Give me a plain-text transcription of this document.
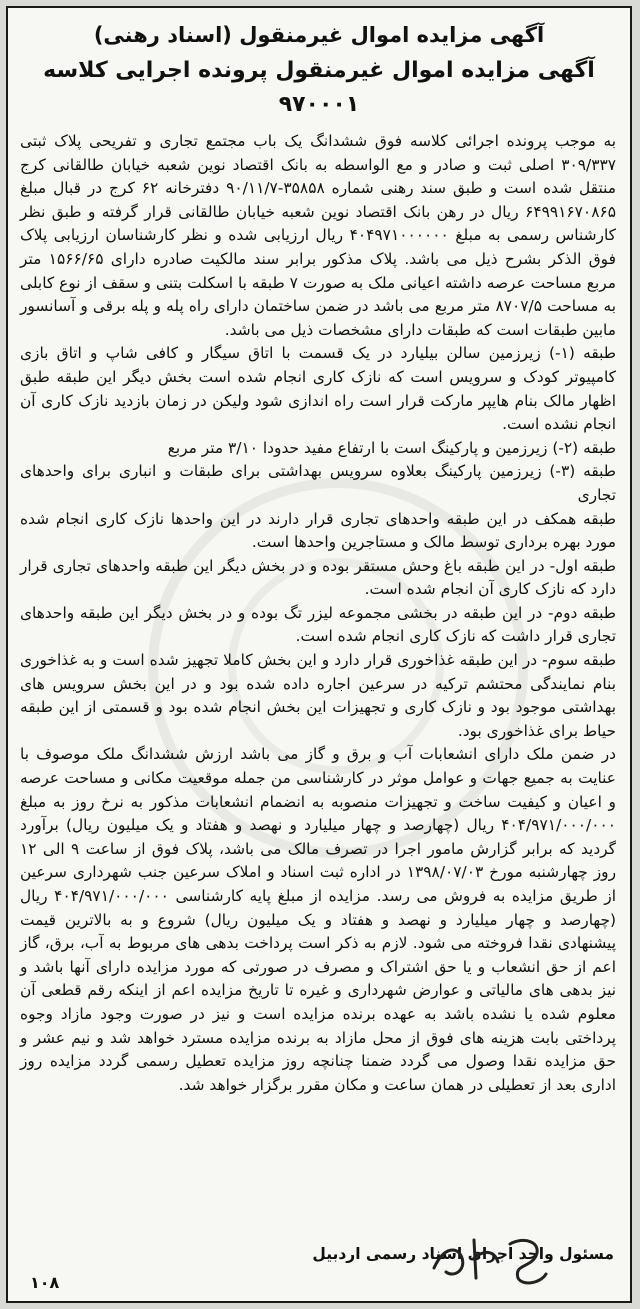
آگهی مزایده اموال غیرمنقول (اسناد رهنی)
آگهی مزایده اموال غیرمنقول پرونده اجرایی کلاسه ۹۷۰۰۰۱

به موجب پرونده اجرائی کلاسه فوق ششدانگ یک باب مجتمع تجاری و تفریحی پلاک ثبتی ۳۰۹/۳۳۷ اصلی ثبت و صادر و مع الواسطه به بانک اقتصاد نوین شعبه خیابان طالقانی کرج منتقل شده است و طبق سند رهنی شماره ۳۵۸۵۸-۹۰/۱۱/۷ دفترخانه ۶۲ کرج در قبال مبلغ ۶۴۹۹۱۶۷۰۸۶۵ ریال در رهن بانک اقتصاد نوین شعبه خیابان طالقانی قرار گرفته و طبق نظر کارشناس رسمی به مبلغ ۴۰۴۹۷۱۰۰۰۰۰۰ ریال ارزیابی شده و نظر کارشناسان ارزیابی پلاک فوق الذکر بشرح ذیل می باشد. پلاک مذکور برابر سند مالکیت صادره دارای ۱۵۶۶/۶۵ متر مربع مساحت عرصه داشته اعیانی ملک به صورت ۷ طبقه با اسکلت بتنی و سقف از نوع کابلی به مساحت ۸۷۰۷/۵ متر مربع می باشد در ضمن ساختمان دارای راه پله و پله برقی و آسانسور مابین طبقات است که طبقات دارای مشخصات ذیل می باشد.

طبقه (۱-) زیرزمین سالن بیلیارد در یک قسمت با اتاق سیگار و کافی شاپ و اتاق بازی کامپیوتر کودک و سرویس است که نازک کاری انجام شده است بخش دیگر این طبقه طبق اظهار مالک بنام هایپر مارکت قرار است راه اندازی شود ولیکن در زمان بازدید نازک کاری آن انجام نشده است.

طبقه (۲-) زیرزمین و پارکینگ است با ارتفاع مفید حدودا ۳/۱۰ متر مربع

طبقه (۳-) زیرزمین پارکینگ بعلاوه سرویس بهداشتی برای طبقات و انباری برای واحدهای تجاری

طبقه همکف در این طبقه واحدهای تجاری قرار دارند در این واحدها نازک کاری انجام شده مورد بهره برداری توسط مالک و مستاجرین واحدها است.

طبقه اول- در این طبقه باغ وحش مستقر بوده و در بخش دیگر این طبقه واحدهای تجاری قرار دارد که نازک کاری آن انجام شده است.

طبقه دوم- در این طبقه در بخشی مجموعه لیزر تگ بوده و در بخش دیگر این طبقه واحدهای تجاری قرار داشت که نازک کاری انجام شده است.

طبقه سوم- در این طبقه غذاخوری قرار دارد و این بخش کاملا تجهیز شده است و به غذاخوری بنام نمایندگی محتشم ترکیه در سرعین اجاره داده شده بود و در این بخش سرویس های بهداشتی موجود بود و نازک کاری و تجهیزات این بخش انجام شده بود و قسمتی از این طبقه حیاط برای غذاخوری بود.

در ضمن ملک دارای انشعابات آب و برق و گاز می باشد ارزش ششدانگ ملک موصوف با عنایت به جمیع جهات و عوامل موثر در کارشناسی من جمله موقعیت مکانی و مساحت عرصه و اعیان و کیفیت ساخت و تجهیزات منصوبه به انضمام انشعابات مذکور به نرخ روز به مبلغ ۴۰۴/۹۷۱/۰۰۰/۰۰۰ ریال (چهارصد و چهار میلیارد و نهصد و هفتاد و یک میلیون ریال) برآورد گردید که برابر گزارش مامور اجرا در تصرف مالک می باشد، پلاک فوق از ساعت ۹ الی ۱۲ روز چهارشنبه مورخ ۱۳۹۸/۰۷/۰۳ در اداره ثبت اسناد و املاک سرعین جنب شهرداری سرعین از طریق مزایده به فروش می رسد. مزایده از مبلغ پایه کارشناسی ۴۰۴/۹۷۱/۰۰۰/۰۰۰ ریال (چهارصد و چهار میلیارد و نهصد و هفتاد و یک میلیون ریال) شروع و به بالاترین قیمت پیشنهادی نقدا فروخته می شود. لازم به ذکر است پرداخت بدهی های مربوط به آب، برق، گاز اعم از حق انشعاب و یا حق اشتراک و مصرف در صورتی که مورد مزایده دارای آنها باشد و نیز بدهی های مالیاتی و عوارض شهرداری و غیره تا تاریخ مزایده اعم از اینکه رقم قطعی آن معلوم شده یا نشده باشد به عهده برنده مزایده است و نیز در صورت وجود مازاد وجوه پرداختی بابت هزینه های فوق از محل مازاد به برنده مزایده مسترد خواهد شد و نیم عشر و حق مزایده نقدا وصول می گردد ضمنا چنانچه روز مزایده تعطیل رسمی گردد مزایده روز اداری بعد از تعطیلی در همان ساعت و مکان مقرر برگزار خواهد شد.

مسئول واحد اجرای اسناد رسمی اردبیل
۱۰۸
